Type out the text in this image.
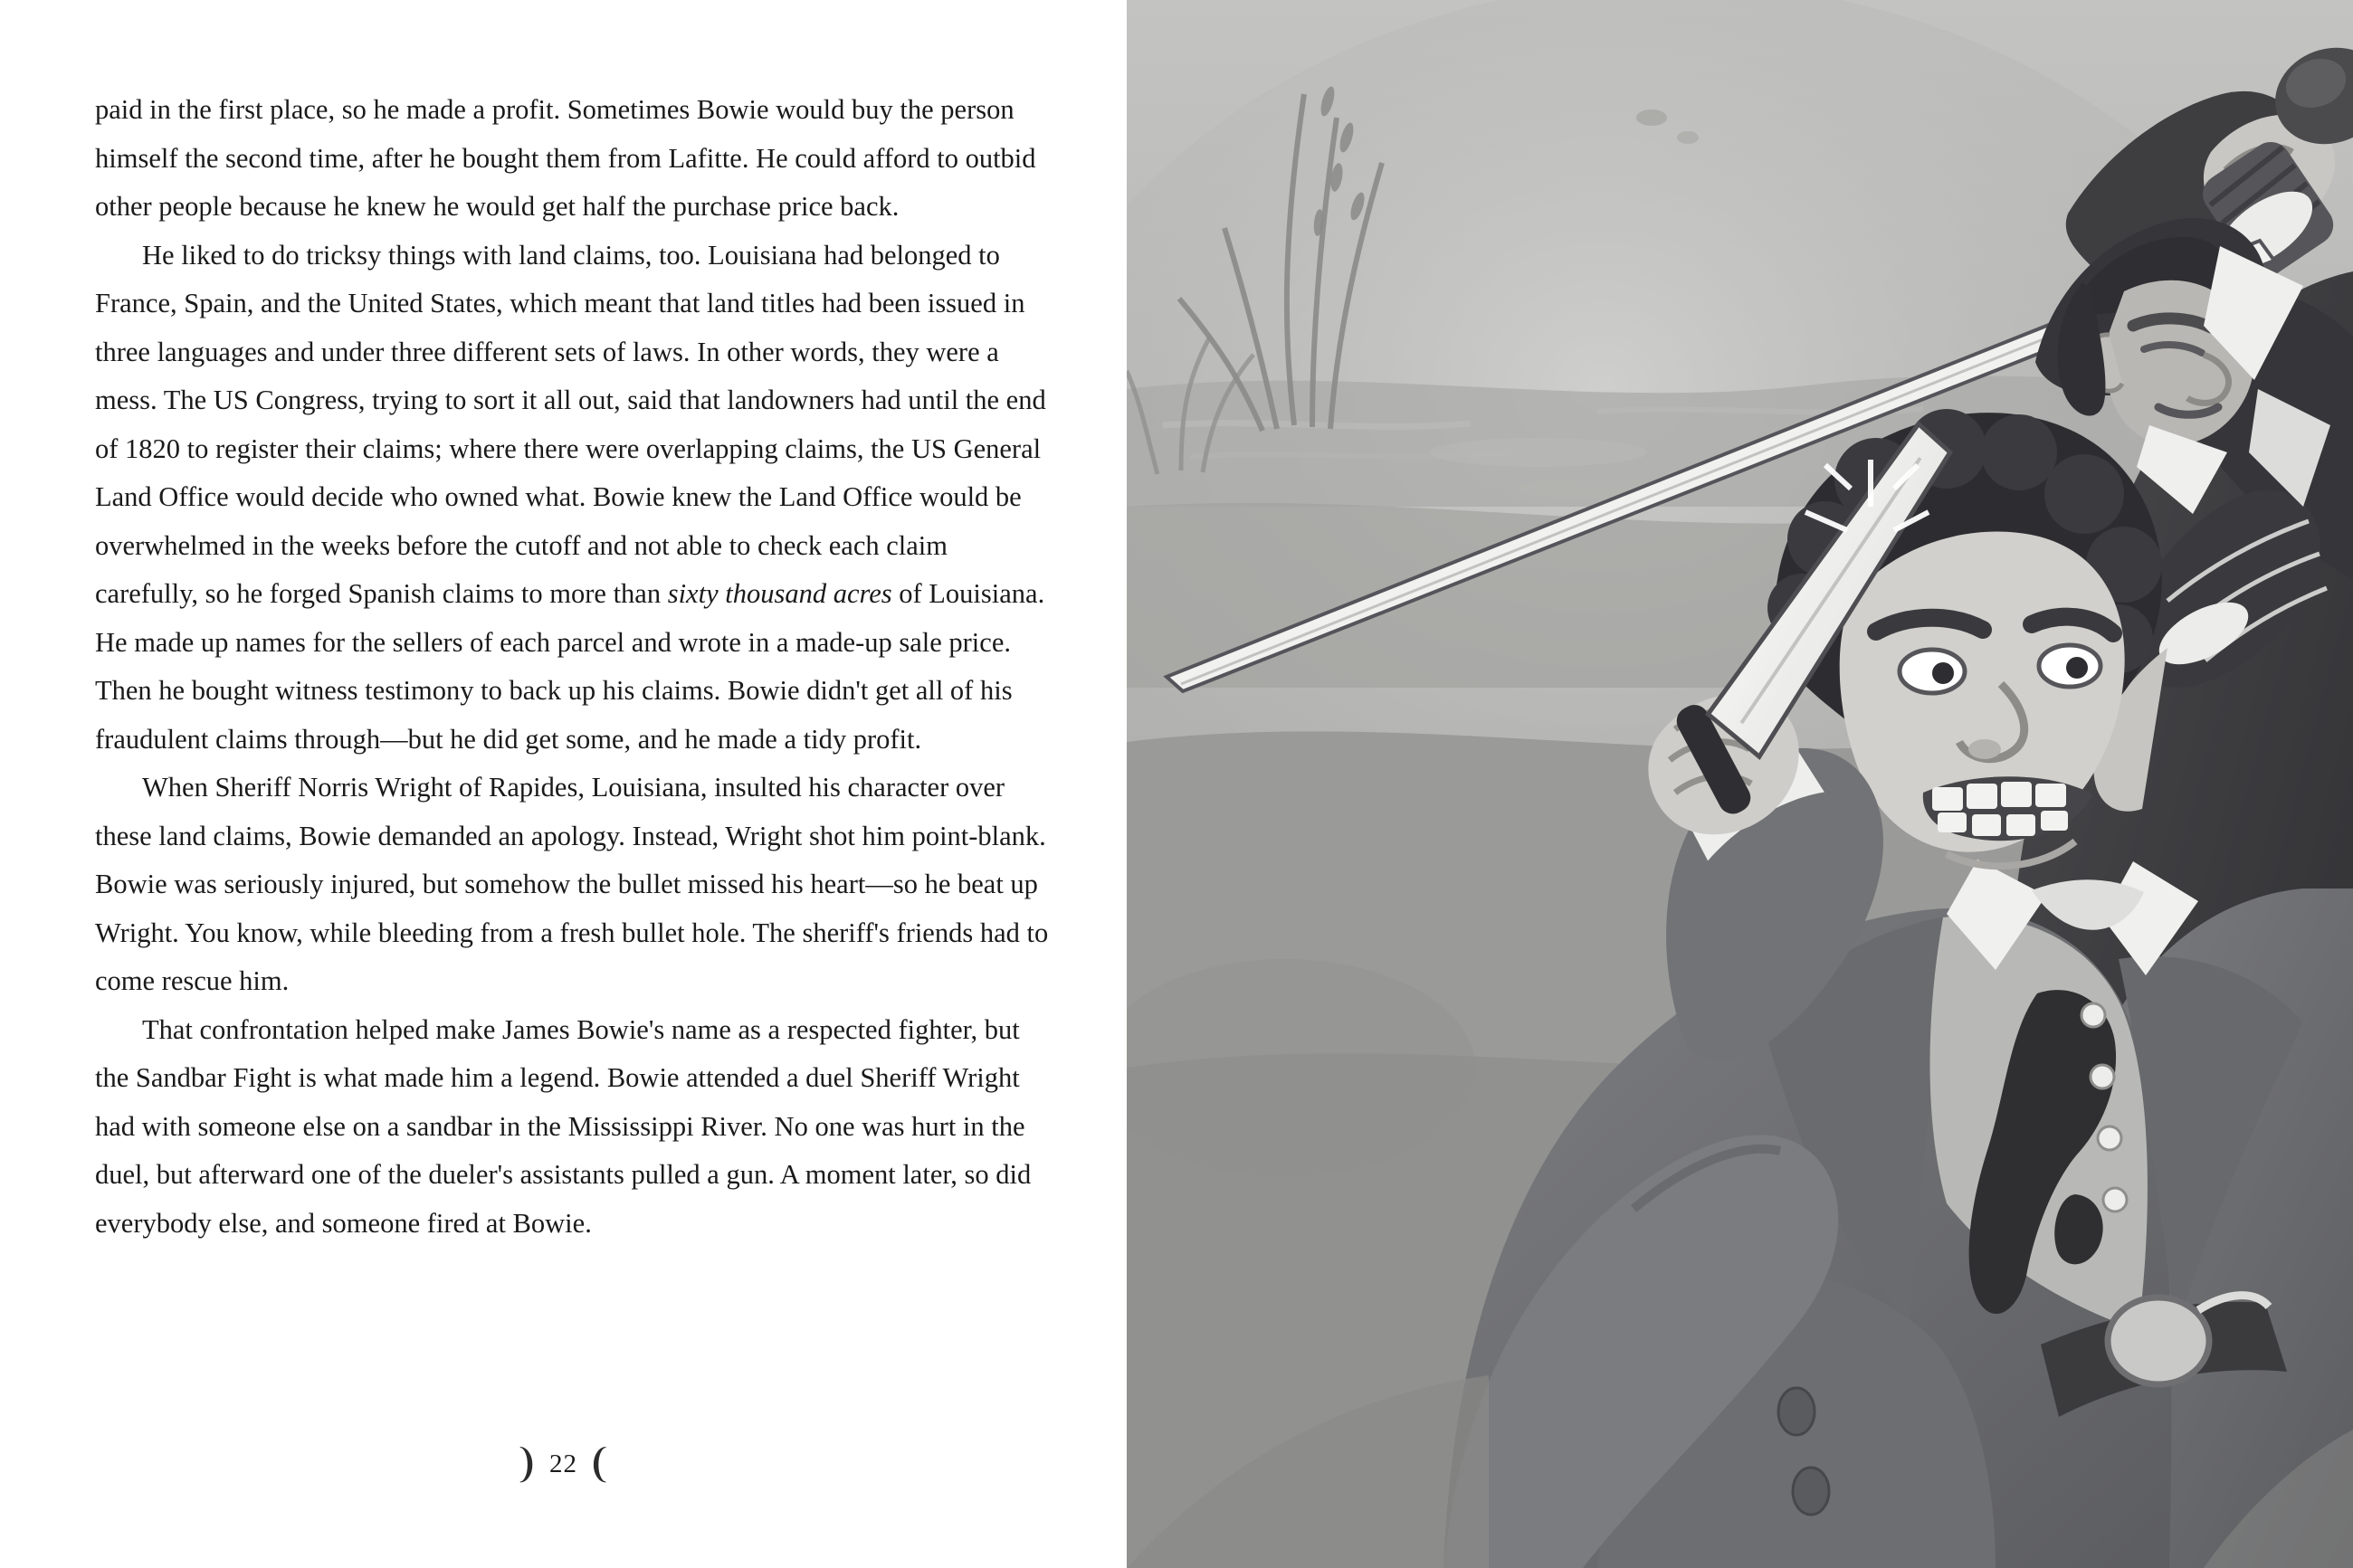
paid in the first place, so he made a profit. Sometimes Bowie would buy the person himself the second time, after he bought them from Lafitte. He could afford to outbid other people because he knew he would get half the purchase price back.

He liked to do tricksy things with land claims, too. Louisiana had belonged to France, Spain, and the United States, which meant that land titles had been issued in three languages and under three different sets of laws. In other words, they were a mess. The US Congress, trying to sort it all out, said that landowners had until the end of 1820 to register their claims; where there were overlapping claims, the US General Land Office would decide who owned what. Bowie knew the Land Office would be overwhelmed in the weeks before the cutoff and not able to check each claim carefully, so he forged Spanish claims to more than sixty thousand acres of Louisiana. He made up names for the sellers of each parcel and wrote in a made-up sale price. Then he bought witness testimony to back up his claims. Bowie didn't get all of his fraudulent claims through—but he did get some, and he made a tidy profit.

When Sheriff Norris Wright of Rapides, Louisiana, insulted his character over these land claims, Bowie demanded an apology. Instead, Wright shot him point-blank. Bowie was seriously injured, but somehow the bullet missed his heart—so he beat up Wright. You know, while bleeding from a fresh bullet hole. The sheriff's friends had to come rescue him.

That confrontation helped make James Bowie's name as a respected fighter, but the Sandbar Fight is what made him a legend. Bowie attended a duel Sheriff Wright had with someone else on a sandbar in the Mississippi River. No one was hurt in the duel, but afterward one of the dueler's assistants pulled a gun. A moment later, so did everybody else, and someone fired at Bowie.

❩ 22 ❨
